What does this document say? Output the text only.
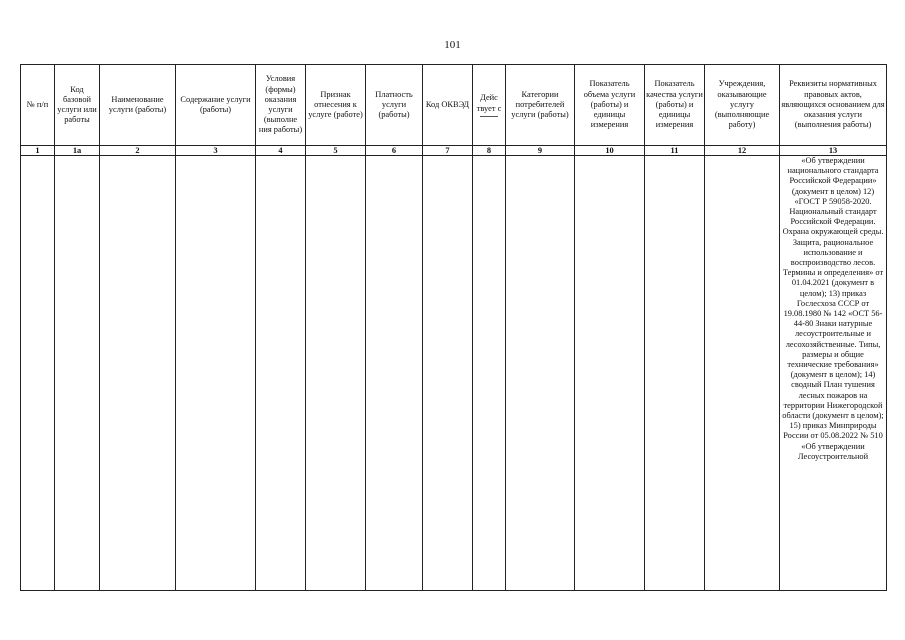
101
№ п/п	Код базовой услуги или работы	Наименование услуги (работы)	Содержание услуги (работы)	Условия (формы) оказания услуги (выполне ния работы)	Признак отнесения к услуге (работе)	Платность услуги (работы)	Код ОКВЭД	Дейс твует с	Категории потребителей услуги (работы)	Показатель объема услуги (работы) и единицы измерения	Показатель качества услуги (работы) и единицы измерения	Учреждения, оказывающие услугу (выполняющие работу)	Реквизиты нормативных правовых актов, являющихся основанием для оказания услуги (выполнения работы)
1	1а	2	3	4	5	6	7	8	9	10	11	12	13
													«Об утверждении национального стандарта Российской Федерации» (документ в целом) 12) «ГОСТ Р 59058-2020. Национальный стандарт Российской Федерации. Охрана окружающей среды. Защита, рациональное использование и воспроизводство лесов. Термины и определения» от 01.04.2021 (документ в целом); 13) приказ Гослесхоза СССР от 19.08.1980 № 142 «ОСТ 56-44-80 Знаки натурные лесоустроительные и лесохозяйственные. Типы, размеры и общие технические требования» (документ в целом); 14) сводный План тушения лесных пожаров на территории Нижегородской области (документ в целом); 15) приказ Минприроды России от 05.08.2022 № 510 «Об утверждении Лесоустроительной
